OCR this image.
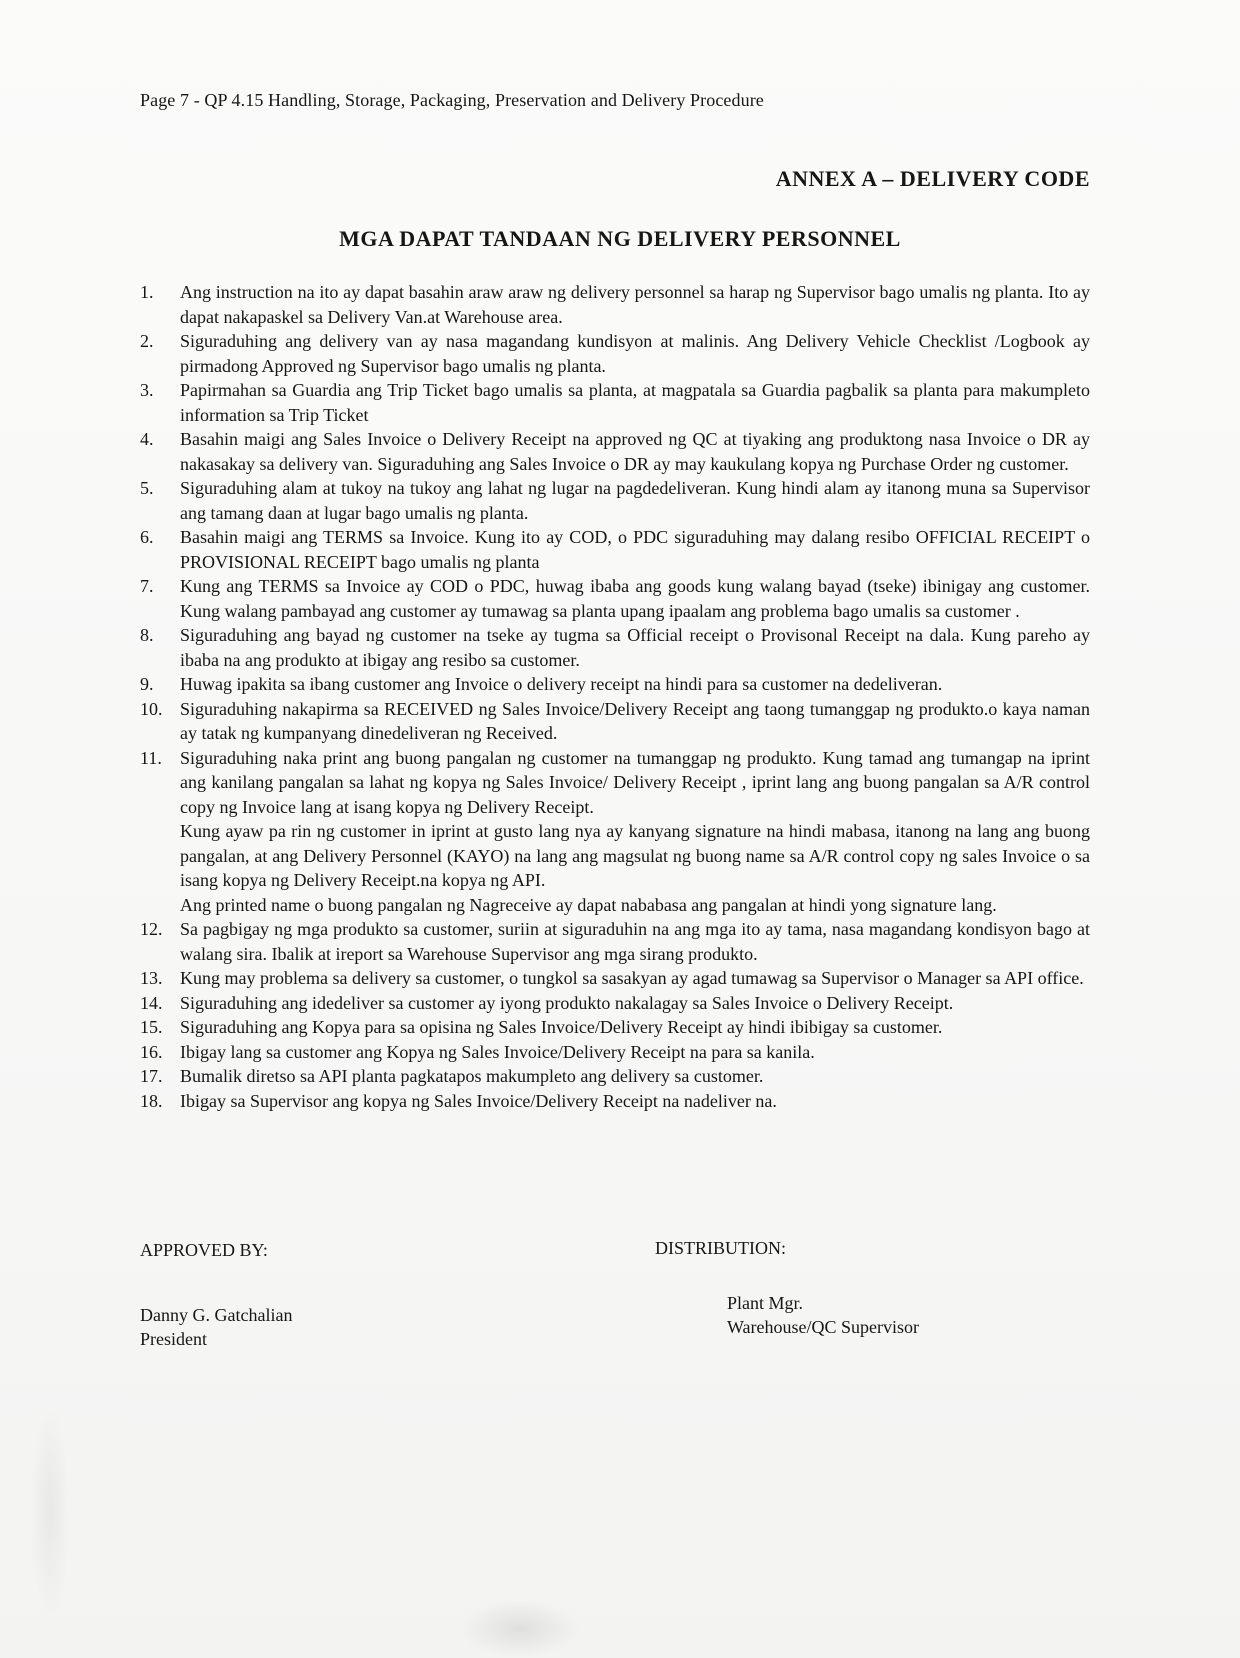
Page 7 - QP 4.15 Handling, Storage, Packaging, Preservation and Delivery Procedure
ANNEX A – DELIVERY CODE
MGA DAPAT TANDAAN NG DELIVERY PERSONNEL
1.	Ang instruction na ito ay dapat basahin araw araw ng delivery personnel sa harap ng Supervisor bago umalis ng planta. Ito ay dapat nakapaskel sa Delivery Van.at Warehouse area.
2.	Siguraduhing ang delivery van ay nasa magandang kundisyon at malinis. Ang Delivery Vehicle Checklist /Logbook ay pirmadong Approved ng Supervisor bago umalis ng planta.
3.	Papirmahan sa Guardia ang Trip Ticket bago umalis sa planta, at magpatala sa Guardia pagbalik sa planta para makumpleto information sa Trip Ticket
4.	Basahin maigi ang Sales Invoice o Delivery Receipt na approved ng QC at tiyaking ang produktong nasa Invoice o DR ay nakasakay sa delivery van. Siguraduhing ang Sales Invoice o DR ay may kaukulang kopya ng Purchase Order ng customer.
5.	Siguraduhing alam at tukoy na tukoy ang lahat ng lugar na pagdedeliveran. Kung hindi alam ay itanong muna sa Supervisor ang tamang daan at lugar bago umalis ng planta.
6.	Basahin maigi ang TERMS sa Invoice. Kung ito ay COD, o PDC siguraduhing may dalang resibo OFFICIAL RECEIPT o PROVISIONAL RECEIPT bago umalis ng planta
7.	Kung ang TERMS sa Invoice ay COD o PDC, huwag ibaba ang goods kung walang bayad (tseke) ibinigay ang customer. Kung walang pambayad ang customer ay tumawag sa planta upang ipaalam ang problema bago umalis sa customer .
8.	Siguraduhing ang bayad ng customer na tseke ay tugma sa Official receipt o Provisonal Receipt na dala. Kung pareho ay ibaba na ang produkto at ibigay ang resibo sa customer.
9.	Huwag ipakita sa ibang customer ang Invoice o delivery receipt na hindi para sa customer na dedeliveran.
10. Siguraduhing nakapirma sa RECEIVED ng Sales Invoice/Delivery Receipt ang taong tumanggap ng produkto.o kaya naman ay tatak ng kumpanyang dinedeliveran ng Received.
11.	Siguraduhing naka print ang buong pangalan ng customer na tumanggap ng produkto. Kung tamad ang tumangap na iprint ang kanilang pangalan sa lahat ng kopya ng Sales Invoice/ Delivery Receipt , iprint lang ang buong pangalan sa A/R control copy ng Invoice lang at isang kopya ng Delivery Receipt.
Kung ayaw pa rin ng customer in iprint at gusto lang nya ay kanyang signature na hindi mabasa, itanong na lang ang buong pangalan, at ang Delivery Personnel (KAYO) na lang ang magsulat ng buong name sa A/R control copy ng sales Invoice o sa isang kopya ng Delivery Receipt.na kopya ng API.
Ang printed name o buong pangalan ng Nagreceive ay dapat nababasa ang pangalan at hindi yong signature lang.
12. Sa pagbigay ng mga produkto sa customer, suriin at siguraduhin na ang mga ito ay tama, nasa magandang kondisyon bago at walang sira. Ibalik at ireport sa Warehouse Supervisor ang mga sirang produkto.
13. Kung may problema sa delivery sa customer, o tungkol sa sasakyan ay agad tumawag sa Supervisor o Manager sa API office.
14. Siguraduhing ang idedeliver sa customer ay iyong produkto nakalagay sa Sales Invoice o Delivery Receipt.
15. Siguraduhing ang Kopya para sa opisina ng Sales Invoice/Delivery Receipt ay hindi ibibigay sa customer.
16. Ibigay lang sa customer ang Kopya ng Sales Invoice/Delivery Receipt na para sa kanila.
17. Bumalik diretso sa API planta pagkatapos makumpleto ang delivery sa customer.
18. Ibigay sa Supervisor ang kopya ng Sales Invoice/Delivery Receipt na nadeliver na.
APPROVED BY:
Danny G. Gatchalian
President
DISTRIBUTION:
Plant Mgr.
Warehouse/QC Supervisor
